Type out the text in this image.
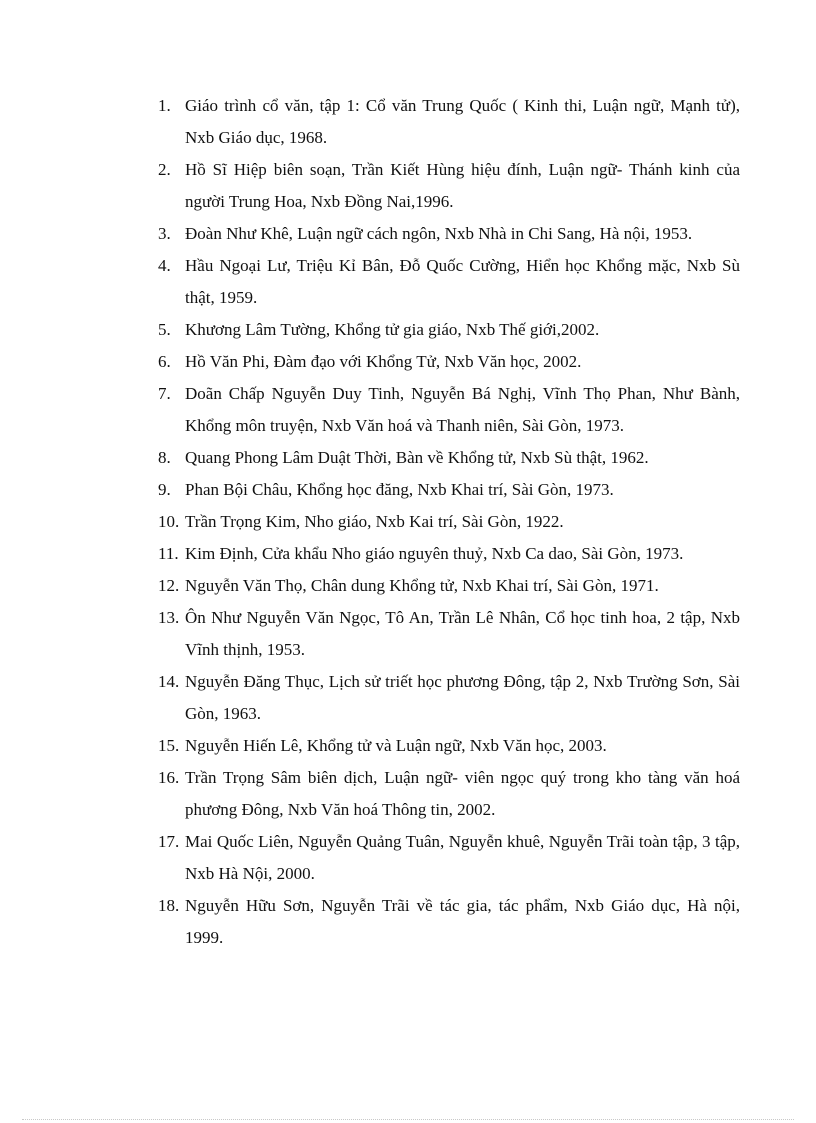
1. Giáo trình cổ văn, tập 1: Cổ văn Trung Quốc ( Kinh thi, Luận ngữ, Mạnh tử), Nxb Giáo dục, 1968.
2. Hồ Sĩ Hiệp biên soạn, Trần Kiết Hùng hiệu đính, Luận ngữ- Thánh kinh của người Trung Hoa, Nxb Đồng Nai,1996.
3. Đoàn Như Khê, Luận ngữ cách ngôn, Nxb Nhà in Chi Sang, Hà nội, 1953.
4. Hầu Ngoại Lư, Triệu Kỉ Bân, Đỗ Quốc Cường, Hiển học Khổng mặc, Nxb Sù thật, 1959.
5. Khương Lâm Tường, Khổng tử gia giáo, Nxb Thế giới,2002.
6. Hồ Văn Phi, Đàm đạo với Khổng Tử, Nxb Văn học, 2002.
7. Doãn Chấp Nguyễn Duy Tinh, Nguyễn Bá Nghị, Vĩnh Thọ Phan, Như Bành, Khổng môn truyện, Nxb Văn hoá và Thanh niên, Sài Gòn, 1973.
8. Quang Phong Lâm Duật Thời, Bàn về Khổng tử, Nxb Sù thật, 1962.
9. Phan Bội Châu, Khổng học đăng, Nxb Khai trí, Sài Gòn, 1973.
10. Trần Trọng Kim, Nho giáo, Nxb Kai trí, Sài Gòn, 1922.
11. Kim Định, Cửa khẩu Nho giáo nguyên thuỷ, Nxb Ca dao, Sài Gòn, 1973.
12. Nguyễn Văn Thọ, Chân dung Khổng tử, Nxb Khai trí, Sài Gòn, 1971.
13. Ôn Như Nguyễn Văn Ngọc, Tô An, Trần Lê Nhân, Cổ học tinh hoa, 2 tập, Nxb Vĩnh thịnh, 1953.
14. Nguyễn Đăng Thục, Lịch sử triết học phương Đông, tập 2, Nxb Trường Sơn, Sài Gòn, 1963.
15. Nguyễn Hiến Lê, Khổng tử và Luận ngữ, Nxb Văn học, 2003.
16. Trần Trọng Sâm biên dịch, Luận ngữ- viên ngọc quý trong kho tàng văn hoá phương Đông, Nxb Văn hoá Thông tin, 2002.
17. Mai Quốc Liên, Nguyễn Quảng Tuân, Nguyễn khuê, Nguyễn Trãi toàn tập, 3 tập, Nxb Hà Nội, 2000.
18. Nguyễn Hữu Sơn, Nguyễn Trãi về tác gia, tác phẩm, Nxb Giáo dục, Hà nội, 1999.
